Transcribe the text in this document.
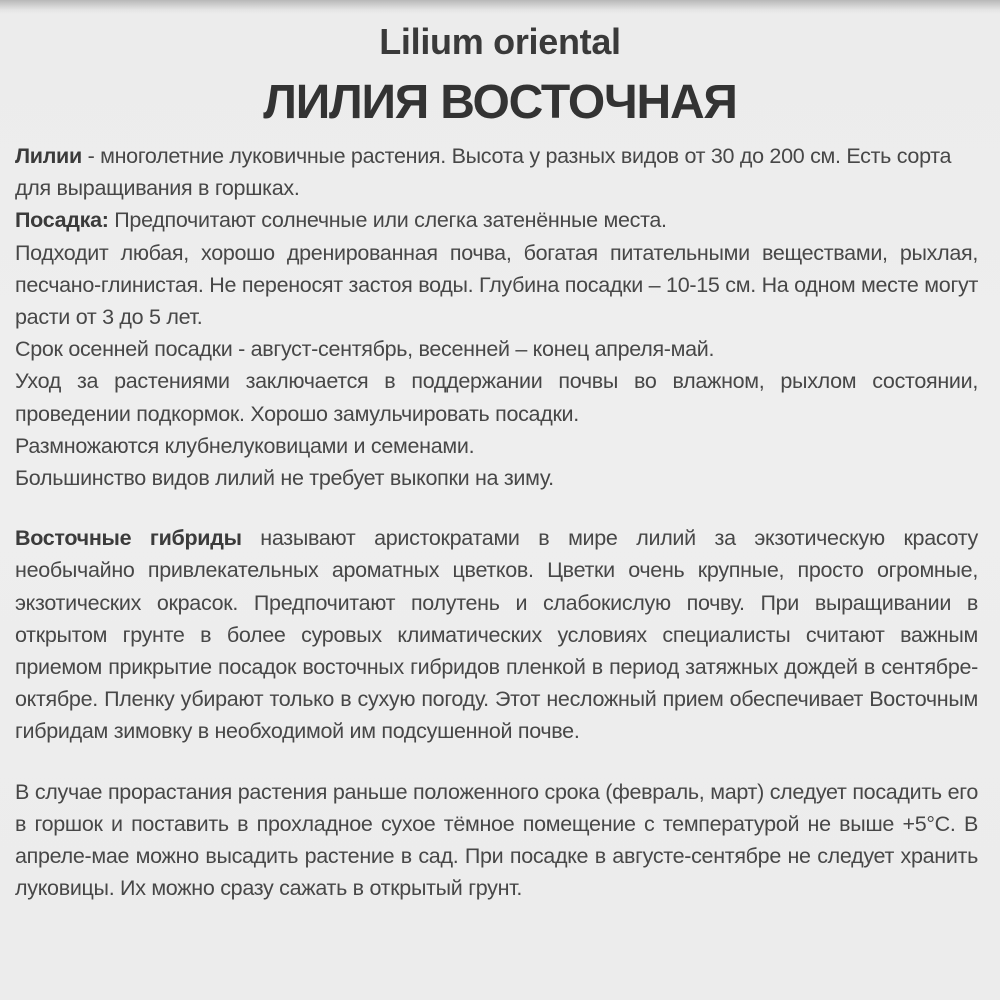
Lilium oriental
ЛИЛИЯ ВОСТОЧНАЯ

Лилии - многолетние луковичные растения. Высота у разных видов от 30 до 200 см. Есть сорта для выращивания в горшках.

Посадка: Предпочитают солнечные или слегка затенённые места.

Подходит любая, хорошо дренированная почва, богатая питательными веществами, рыхлая, песчано-глинистая. Не переносят застоя воды. Глубина посадки – 10-15 см. На одном месте могут расти от 3 до 5 лет.

Срок осенней посадки - август-сентябрь, весенней – конец апреля-май.

Уход за растениями заключается в поддержании почвы во влажном, рыхлом состоянии, проведении подкормок. Хорошо замульчировать посадки.

Размножаются клубнелуковицами и семенами.

Большинство видов лилий не требует выкопки на зиму.

Восточные гибриды называют аристократами в мире лилий за экзотическую красоту необычайно привлекательных ароматных цветков. Цветки очень крупные, просто огромные, экзотических окрасок. Предпочитают полутень и слабокислую почву. При выращивании в открытом грунте в более суровых климатических условиях специалисты считают важным приемом прикрытие посадок восточных гибридов пленкой в период затяжных дождей в сентябре-октябре. Пленку убирают только в сухую погоду. Этот несложный прием обеспечивает Восточным гибридам зимовку в необходимой им подсушенной почве.

В случае прорастания растения раньше положенного срока (февраль, март) следует посадить его в горшок и поставить в прохладное сухое тёмное помещение с температурой не выше +5°С. В апреле-мае можно высадить растение в сад. При посадке в августе-сентябре не следует хранить луковицы. Их можно сразу сажать в открытый грунт.
